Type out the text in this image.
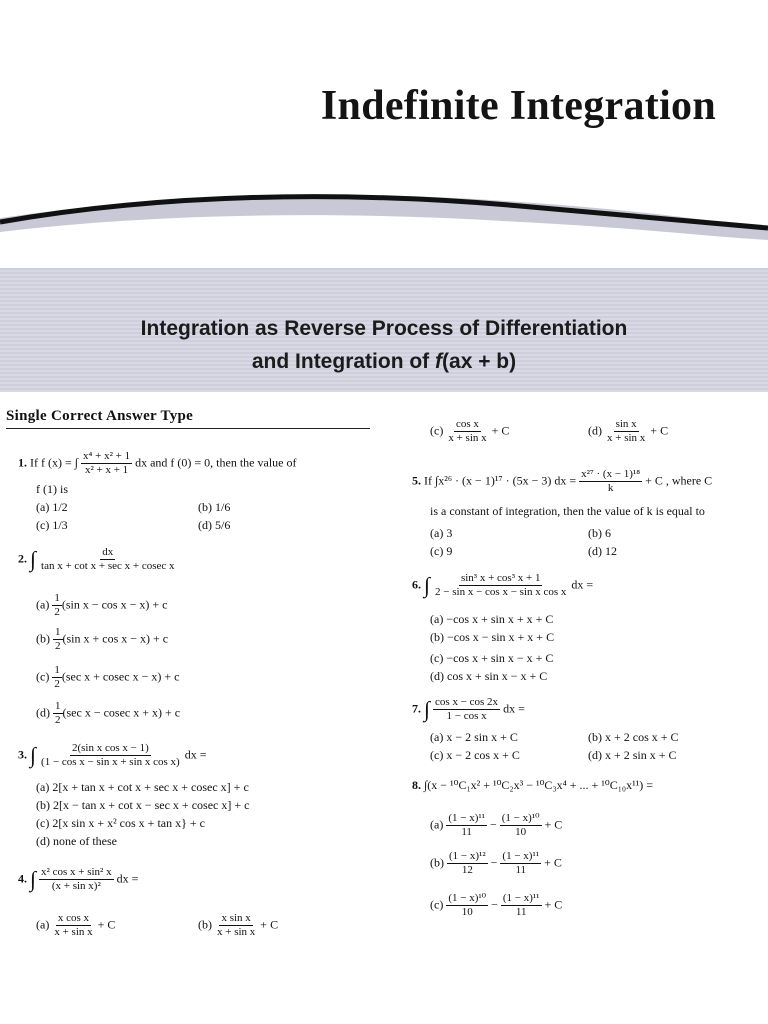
Indefinite Integration
Integration as Reverse Process of Differentiation
and Integration of f(ax + b)
Single Correct Answer Type
1. If f (x) = ∫ $\frac{\text{x⁴ + x² + 1}}{\text{x² + x + 1}}$ dx and f (0) = 0, then the value of
f (1) is
(a) 1/2	(b) 1/6
(c) 1/3	(d) 5/6
2. ∫	dx
tan x + cot x + sec x + cosec x
$(a) \frac{1}{2} (\sin$ x − cos x − x) + c
$(b) \frac{1}{2} (\sin$ x + cos x − x) + c
$(c) \frac{1}{2} (\sec$ x + cosec x − x) + c
$(d) \frac{1}{2} (\sec$ x − cosec x + x) + c
3. ∫ $\frac{\text{2(sin x cos x − 1)}}{\text{(1 − cos x − sin x + sin x cos x)}}$ dx =
(a) 2[x + tan x + cot x + sec x + cosec x] + c
(b) 2[x − tan x + cot x − sec x + cosec x] + c
(c) 2[x sin x + x² cos x + tan x} + c
(d) none of these
4. ∫ $\frac{\text{x² cos x + sin² x}}{\text{(x + sin x)²}}$ dx =
$(a) \frac{\text{x cos x}}{\text{x + sin x}} + C$	$(b) \frac{\text{x sin x}}{\text{x + sin x}} + C$
$(c) \frac{\text{cos x}}{\text{x + sin x}} + C$	$(d) \frac{\text{sin x}}{\text{x + sin x}} + C$
5. If ∫x²⁶ · (x − 1)¹⁷ · (5x − 3) dx = $\frac{\text{x²⁷ · (x − 1)¹⁸}}{k} + C$ , where C
is a constant of integration, then the value of k is equal to
(a) 3	(b) 6
(c) 9	(d) 12
6. ∫ $\frac{\text{sin³ x + cos³ x + 1}}{\text{2 − sin x − cos x − sin x cos x}}$ dx =
(a) −cos x + sin x + x + C
(b) −cos x − sin x + x + C
(c) −cos x + sin x − x + C
(d) cos x + sin x − x + C
7. ∫ $\frac{\text{cos x − cos 2x}}{\text{1 − cos x}}$ dx =
(a) x − 2 sin x + C	(b) x + 2 cos x + C
(c) x − 2 cos x + C	(d) x + 2 sin x + C
8. ∫(x − ¹⁰C₁x² + ¹⁰C₂x³ − ¹⁰C₃x⁴ + ... + ¹⁰C₁₀x¹¹) =
$(a) \frac{\text{(1 − x)¹¹}}{11} - \frac{\text{(1 − x)¹⁰}}{10} + C$
$(b) \frac{\text{(1 − x)¹²}}{12} - \frac{\text{(1 − x)¹¹}}{11} + C$
$(c) \frac{\text{(1 − x)¹⁰}}{10} - \frac{\text{(1 − x)¹¹}}{11} + C$
